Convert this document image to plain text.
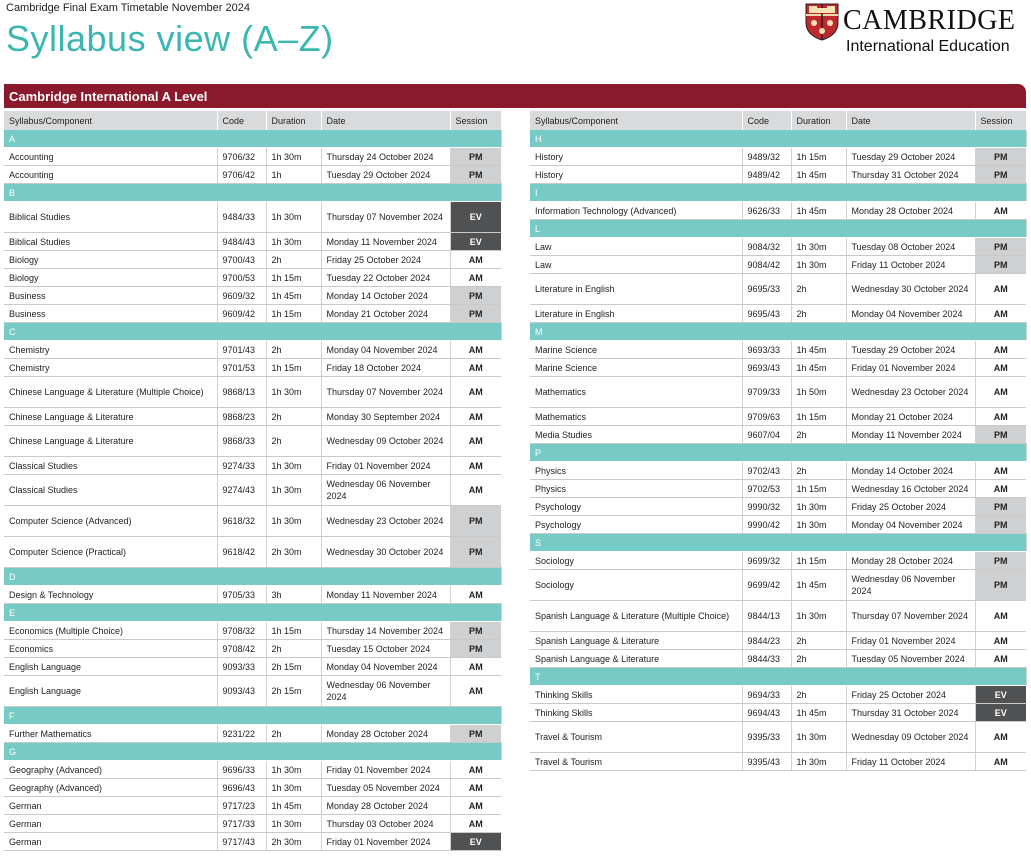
Cambridge Final Exam Timetable November 2024
Syllabus view (A–Z)	CAMBRIDGE
International Education
Cambridge International A Level
Syllabus/Component	Code	Duration	Date	Session
A				
Accounting	9706/32	1h 30m	Thursday 24 October 2024	PM
Accounting	9706/42	1h	Tuesday 29 October 2024	PM
B				
Biblical Studies	9484/33	1h 30m	Thursday 07 November 2024	EV
Biblical Studies	9484/43	1h 30m	Monday 11 November 2024	EV
Biology	9700/43	2h	Friday 25 October 2024	AM
Biology	9700/53	1h 15m	Tuesday 22 October 2024	AM
Business	9609/32	1h 45m	Monday 14 October 2024	PM
Business	9609/42	1h 15m	Monday 21 October 2024	PM
C				
Chemistry	9701/43	2h	Monday 04 November 2024	AM
Chemistry	9701/53	1h 15m	Friday 18 October 2024	AM
Chinese Language & Literature (Multiple Choice)	9868/13	1h 30m	Thursday 07 November 2024	AM
Chinese Language & Literature	9868/23	2h	Monday 30 September 2024	AM
Chinese Language & Literature	9868/33	2h	Wednesday 09 October 2024	AM
Classical Studies	9274/33	1h 30m	Friday 01 November 2024	AM
Classical Studies	9274/43	1h 30m	Wednesday 06 November 2024	AM
Computer Science (Advanced)	9618/32	1h 30m	Wednesday 23 October 2024	PM
Computer Science (Practical)	9618/42	2h 30m	Wednesday 30 October 2024	PM
D				
Design & Technology	9705/33	3h	Monday 11 November 2024	AM
E				
Economics (Multiple Choice)	9708/32	1h 15m	Thursday 14 November 2024	PM
Economics	9708/42	2h	Tuesday 15 October 2024	PM
English Language	9093/33	2h 15m	Monday 04 November 2024	AM
English Language	9093/43	2h 15m	Wednesday 06 November 2024	AM
F				
Further Mathematics	9231/22	2h	Monday 28 October 2024	PM
G				
Geography (Advanced)	9696/33	1h 30m	Friday 01 November 2024	AM
Geography (Advanced)	9696/43	1h 30m	Tuesday 05 November 2024	AM
German	9717/23	1h 45m	Monday 28 October 2024	AM
German	9717/33	1h 30m	Thursday 03 October 2024	AM
German	9717/43	2h 30m	Friday 01 November 2024	EV
Syllabus/Component	Code	Duration	Date	Session
H				
History	9489/32	1h 15m	Tuesday 29 October 2024	PM
History	9489/42	1h 45m	Thursday 31 October 2024	PM
I				
Information Technology (Advanced)	9626/33	1h 45m	Monday 28 October 2024	AM
L				
Law	9084/32	1h 30m	Tuesday 08 October 2024	PM
Law	9084/42	1h 30m	Friday 11 October 2024	PM
Literature in English	9695/33	2h	Wednesday 30 October 2024	AM
Literature in English	9695/43	2h	Monday 04 November 2024	AM
M				
Marine Science	9693/33	1h 45m	Tuesday 29 October 2024	AM
Marine Science	9693/43	1h 45m	Friday 01 November 2024	AM
Mathematics	9709/33	1h 50m	Wednesday 23 October 2024	AM
Mathematics	9709/63	1h 15m	Monday 21 October 2024	AM
Media Studies	9607/04	2h	Monday 11 November 2024	PM
P				
Physics	9702/43	2h	Monday 14 October 2024	AM
Physics	9702/53	1h 15m	Wednesday 16 October 2024	AM
Psychology	9990/32	1h 30m	Friday 25 October 2024	PM
Psychology	9990/42	1h 30m	Monday 04 November 2024	PM
S				
Sociology	9699/32	1h 15m	Monday 28 October 2024	PM
Sociology	9699/42	1h 45m	Wednesday 06 November 2024	PM
Spanish Language & Literature (Multiple Choice)	9844/13	1h 30m	Thursday 07 November 2024	AM
Spanish Language & Literature	9844/23	2h	Friday 01 November 2024	AM
Spanish Language & Literature	9844/33	2h	Tuesday 05 November 2024	AM
T				
Thinking Skills	9694/33	2h	Friday 25 October 2024	EV
Thinking Skills	9694/43	1h 45m	Thursday 31 October 2024	EV
Travel & Tourism	9395/33	1h 30m	Wednesday 09 October 2024	AM
Travel & Tourism	9395/43	1h 30m	Friday 11 October 2024	AM
